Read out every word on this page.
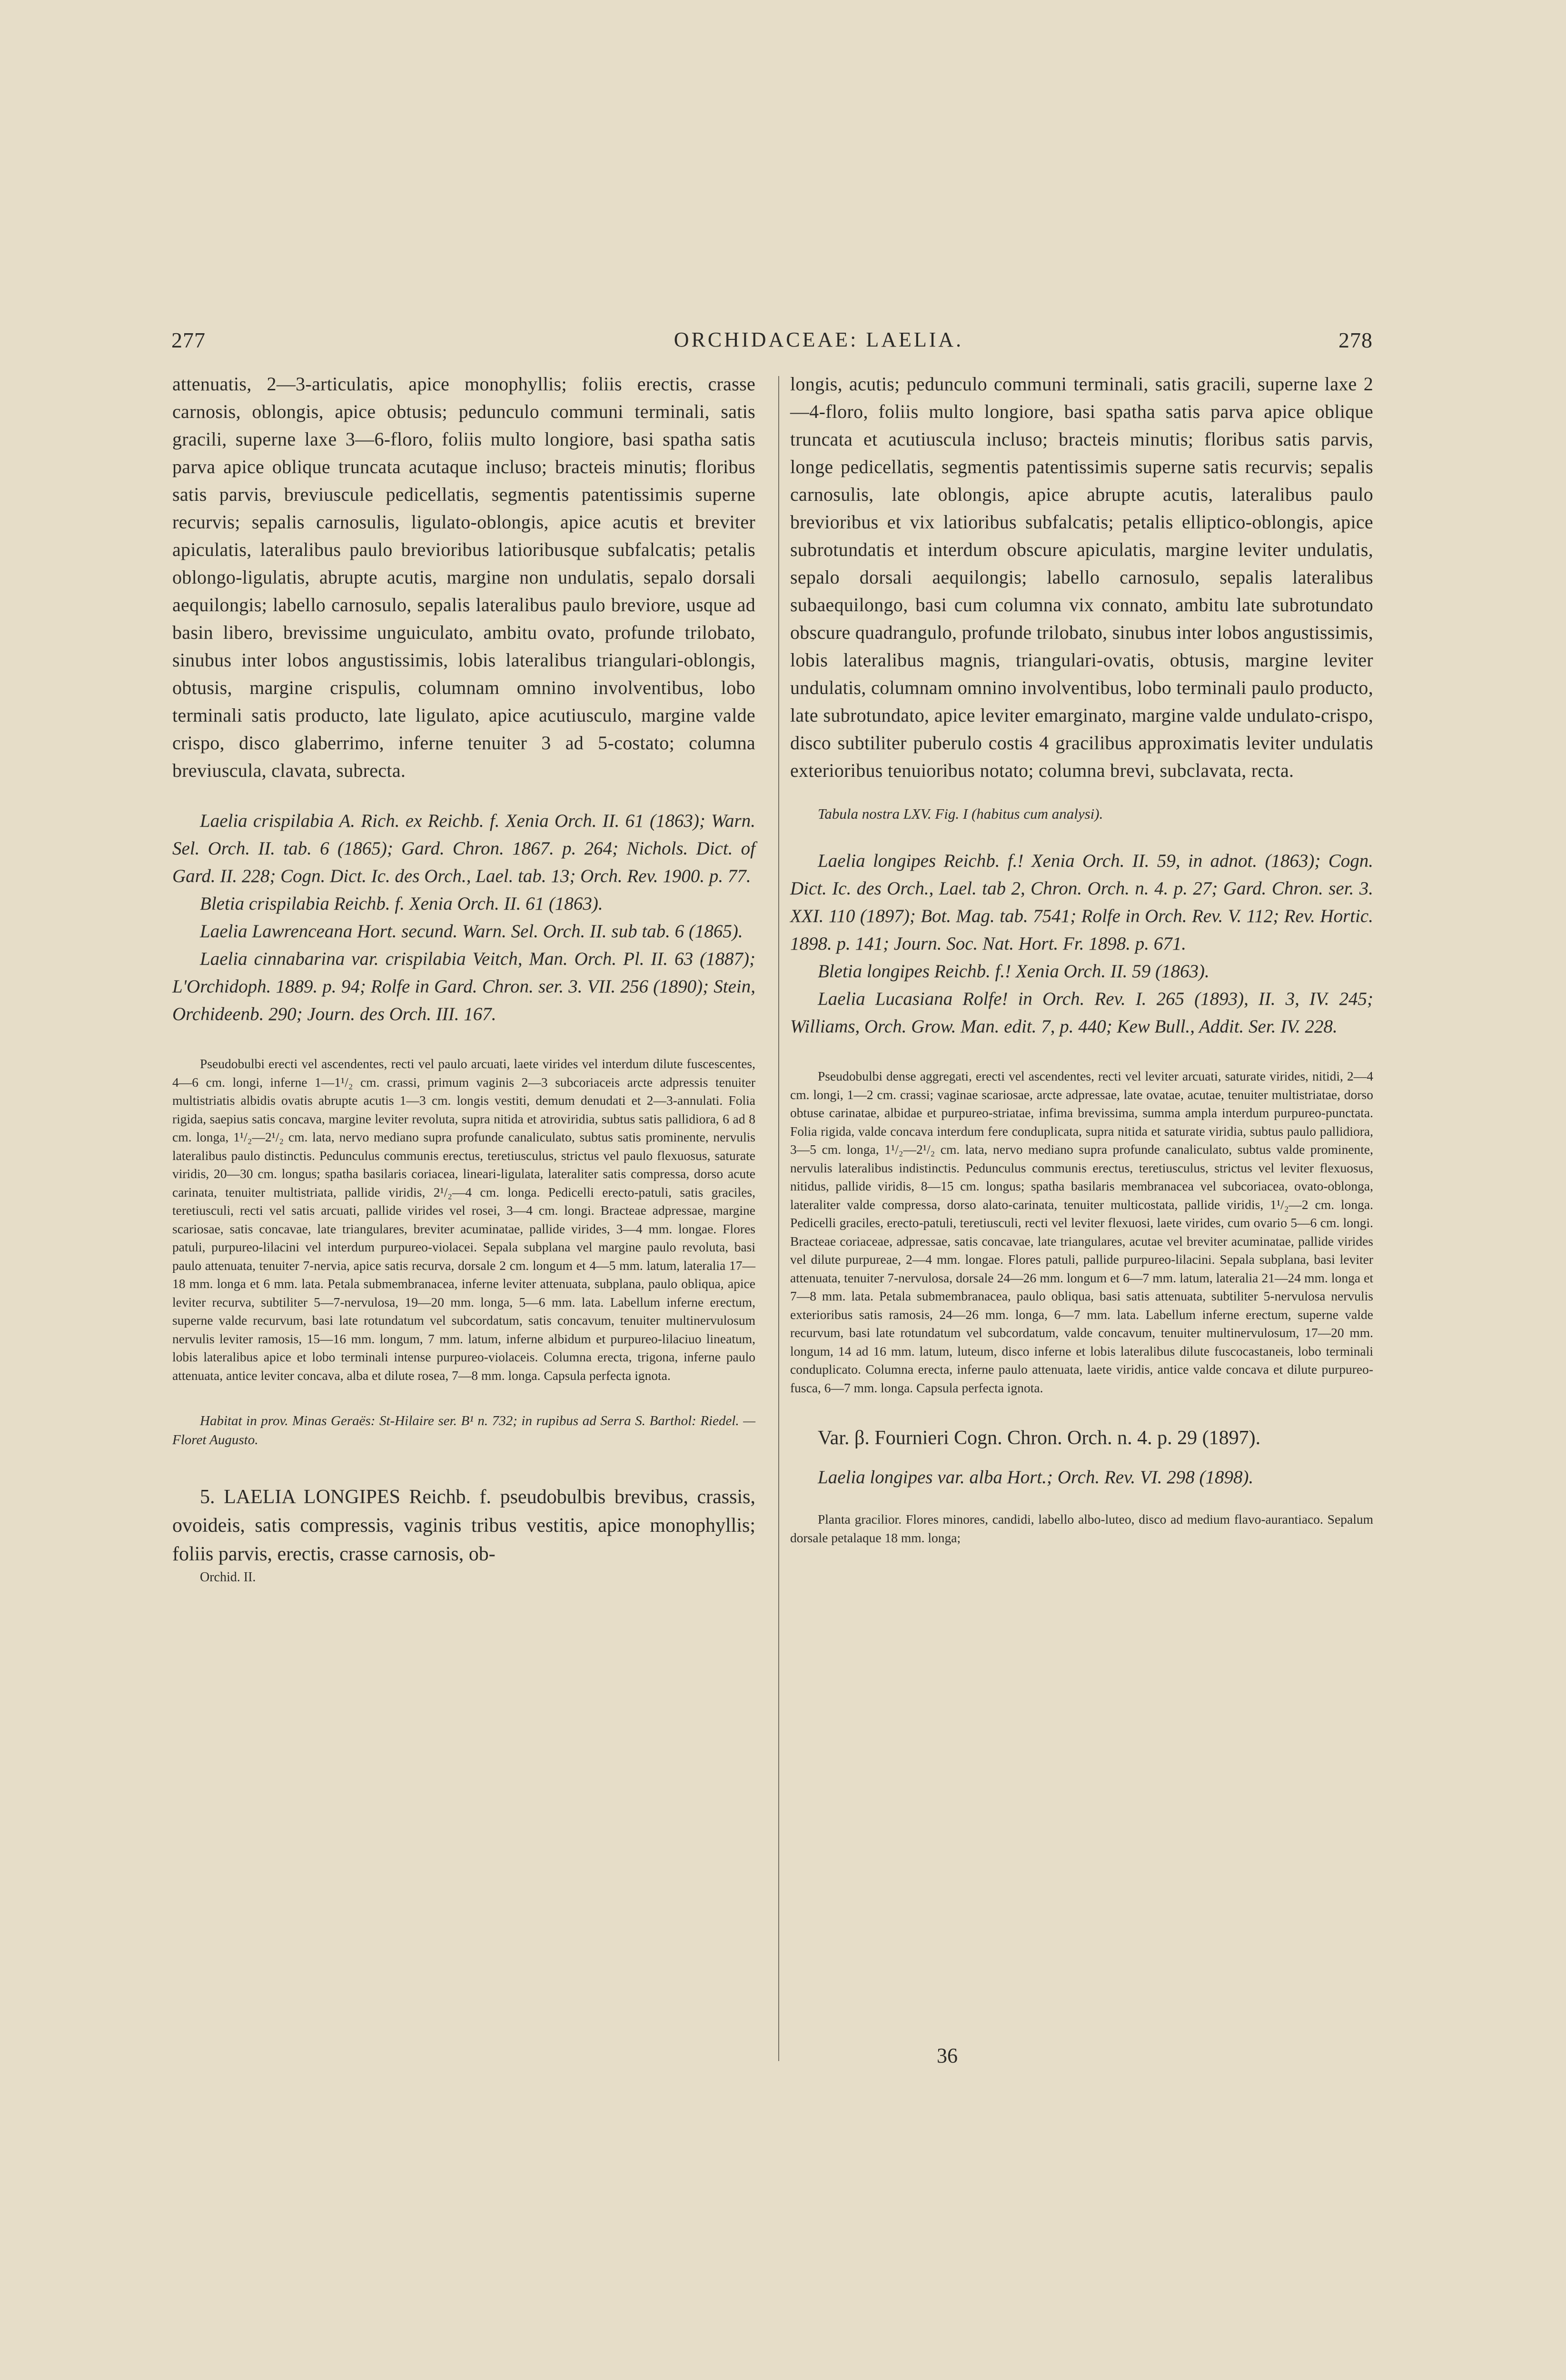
277	ORCHIDACEAE: LAELIA.	278

attenuatis, 2—3-articulatis, apice monophyllis; foliis erectis, crasse carnosis, oblongis, apice obtusis; pedunculo communi terminali, satis gracili, superne laxe 3—6-floro, foliis multo longiore, basi spatha satis parva apice oblique truncata acutaque incluso; bracteis minutis; floribus satis parvis, breviuscule pedicellatis, segmentis patentissimis superne recurvis; sepalis carnosulis, ligulato-oblongis, apice acutis et breviter apiculatis, lateralibus paulo brevioribus latioribusque subfalcatis; petalis oblongo-ligulatis, abrupte acutis, margine non undulatis, sepalo dorsali aequilongis; labello carnosulo, sepalis lateralibus paulo breviore, usque ad basin libero, brevissime unguiculato, ambitu ovato, profunde trilobato, sinubus inter lobos angustissimis, lobis lateralibus triangulari-oblongis, obtusis, margine crispulis, columnam omnino involventibus, lobo terminali satis producto, late ligulato, apice acutiusculo, margine valde crispo, disco glaberrimo, inferne tenuiter 3 ad 5-costato; columna breviuscula, clavata, subrecta.

Laelia crispilabia A. Rich. ex Reichb. f. Xenia Orch. II. 61 (1863); Warn. Sel. Orch. II. tab. 6 (1865); Gard. Chron. 1867. p. 264; Nichols. Dict. of Gard. II. 228; Cogn. Dict. Ic. des Orch., Lael. tab. 13; Orch. Rev. 1900. p. 77.

Bletia crispilabia Reichb. f. Xenia Orch. II. 61 (1863).

Laelia Lawrenceana Hort. secund. Warn. Sel. Orch. II. sub tab. 6 (1865).

Laelia cinnabarina var. crispilabia Veitch, Man. Orch. Pl. II. 63 (1887); L'Orchidoph. 1889. p. 94; Rolfe in Gard. Chron. ser. 3. VII. 256 (1890); Stein, Orchideenb. 290; Journ. des Orch. III. 167.

Pseudobulbi erecti vel ascendentes, recti vel paulo arcuati, laete virides vel interdum dilute fuscescentes, 4—6 cm. longi, inferne 1—1¹/₂ cm. crassi, primum vaginis 2—3 subcoriaceis arcte adpressis tenuiter multistriatis albidis ovatis abrupte acutis 1—3 cm. longis vestiti, demum denudati et 2—3-annulati. Folia rigida, saepius satis concava, margine leviter revoluta, supra nitida et atroviridia, subtus satis pallidiora, 6 ad 8 cm. longa, 1¹/₂—2¹/₂ cm. lata, nervo mediano supra profunde canaliculato, subtus satis prominente, nervulis lateralibus paulo distinctis. Pedunculus communis erectus, teretiusculus, strictus vel paulo flexuosus, saturate viridis, 20—30 cm. longus; spatha basilaris coriacea, lineari-ligulata, lateraliter satis compressa, dorso acute carinata, tenuiter multistriata, pallide viridis, 2¹/₂—4 cm. longa. Pedicelli erecto-patuli, satis graciles, teretiusculi, recti vel satis arcuati, pallide virides vel rosei, 3—4 cm. longi. Bracteae adpressae, margine scariosae, satis concavae, late triangulares, breviter acuminatae, pallide virides, 3—4 mm. longae. Flores patuli, purpureo-lilacini vel interdum purpureo-violacei. Sepala subplana vel margine paulo revoluta, basi paulo attenuata, tenuiter 7-nervia, apice satis recurva, dorsale 2 cm. longum et 4—5 mm. latum, lateralia 17—18 mm. longa et 6 mm. lata. Petala submembranacea, inferne leviter attenuata, subplana, paulo obliqua, apice leviter recurva, subtiliter 5—7-nervulosa, 19—20 mm. longa, 5—6 mm. lata. Labellum inferne erectum, superne valde recurvum, basi late rotundatum vel subcordatum, satis concavum, tenuiter multinervulosum nervulis leviter ramosis, 15—16 mm. longum, 7 mm. latum, inferne albidum et purpureo-lilaciuo lineatum, lobis lateralibus apice et lobo terminali intense purpureo-violaceis. Columna erecta, trigona, inferne paulo attenuata, antice leviter concava, alba et dilute rosea, 7—8 mm. longa. Capsula perfecta ignota.

Habitat in prov. Minas Geraës: St-Hilaire ser. B¹ n. 732; in rupibus ad Serra S. Barthol: Riedel. — Floret Augusto.

5. LAELIA LONGIPES Reichb. f. pseudobulbis brevibus, crassis, ovoideis, satis compressis, vaginis tribus vestitis, apice monophyllis; foliis parvis, erectis, crasse carnosis, ob-

Orchid. II.

longis, acutis; pedunculo communi terminali, satis gracili, superne laxe 2—4-floro, foliis multo longiore, basi spatha satis parva apice oblique truncata et acutiuscula incluso; bracteis minutis; floribus satis parvis, longe pedicellatis, segmentis patentissimis superne satis recurvis; sepalis carnosulis, late oblongis, apice abrupte acutis, lateralibus paulo brevioribus et vix latioribus subfalcatis; petalis elliptico-oblongis, apice subrotundatis et interdum obscure apiculatis, margine leviter undulatis, sepalo dorsali aequilongis; labello carnosulo, sepalis lateralibus subaequilongo, basi cum columna vix connato, ambitu late subrotundato obscure quadrangulo, profunde trilobato, sinubus inter lobos angustissimis, lobis lateralibus magnis, triangulari-ovatis, obtusis, margine leviter undulatis, columnam omnino involventibus, lobo terminali paulo producto, late subrotundato, apice leviter emarginato, margine valde undulato-crispo, disco subtiliter puberulo costis 4 gracilibus approximatis leviter undulatis exterioribus tenuioribus notato; columna brevi, subclavata, recta.

Tabula nostra LXV. Fig. I (habitus cum analysi).

Laelia longipes Reichb. f.! Xenia Orch. II. 59, in adnot. (1863); Cogn. Dict. Ic. des Orch., Lael. tab 2, Chron. Orch. n. 4. p. 27; Gard. Chron. ser. 3. XXI. 110 (1897); Bot. Mag. tab. 7541; Rolfe in Orch. Rev. V. 112; Rev. Hortic. 1898. p. 141; Journ. Soc. Nat. Hort. Fr. 1898. p. 671.

Bletia longipes Reichb. f.! Xenia Orch. II. 59 (1863).

Laelia Lucasiana Rolfe! in Orch. Rev. I. 265 (1893), II. 3, IV. 245; Williams, Orch. Grow. Man. edit. 7, p. 440; Kew Bull., Addit. Ser. IV. 228.

Pseudobulbi dense aggregati, erecti vel ascendentes, recti vel leviter arcuati, saturate virides, nitidi, 2—4 cm. longi, 1—2 cm. crassi; vaginae scariosae, arcte adpressae, late ovatae, acutae, tenuiter multistriatae, dorso obtuse carinatae, albidae et purpureo-striatae, infima brevissima, summa ampla interdum purpureo-punctata. Folia rigida, valde concava interdum fere conduplicata, supra nitida et saturate viridia, subtus paulo pallidiora, 3—5 cm. longa, 1¹/₂—2¹/₂ cm. lata, nervo mediano supra profunde canaliculato, subtus valde prominente, nervulis lateralibus indistinctis. Pedunculus communis erectus, teretiusculus, strictus vel leviter flexuosus, nitidus, pallide viridis, 8—15 cm. longus; spatha basilaris membranacea vel subcoriacea, ovato-oblonga, lateraliter valde compressa, dorso alato-carinata, tenuiter multicostata, pallide viridis, 1¹/₂—2 cm. longa. Pedicelli graciles, erecto-patuli, teretiusculi, recti vel leviter flexuosi, laete virides, cum ovario 5—6 cm. longi. Bracteae coriaceae, adpressae, satis concavae, late triangulares, acutae vel breviter acuminatae, pallide virides vel dilute purpureae, 2—4 mm. longae. Flores patuli, pallide purpureo-lilacini. Sepala subplana, basi leviter attenuata, tenuiter 7-nervulosa, dorsale 24—26 mm. longum et 6—7 mm. latum, lateralia 21—24 mm. longa et 7—8 mm. lata. Petala submembranacea, paulo obliqua, basi satis attenuata, subtiliter 5-nervulosa nervulis exterioribus satis ramosis, 24—26 mm. longa, 6—7 mm. lata. Labellum inferne erectum, superne valde recurvum, basi late rotundatum vel subcordatum, valde concavum, tenuiter multinervulosum, 17—20 mm. longum, 14 ad 16 mm. latum, luteum, disco inferne et lobis lateralibus dilute fuscocastaneis, lobo terminali conduplicato. Columna erecta, inferne paulo attenuata, laete viridis, antice valde concava et dilute purpureo-fusca, 6—7 mm. longa. Capsula perfecta ignota.

Var. β. Fournieri Cogn. Chron. Orch. n. 4. p. 29 (1897).

Laelia longipes var. alba Hort.; Orch. Rev. VI. 298 (1898).

Planta gracilior. Flores minores, candidi, labello albo-luteo, disco ad medium flavo-aurantiaco. Sepalum dorsale petalaque 18 mm. longa;

36
